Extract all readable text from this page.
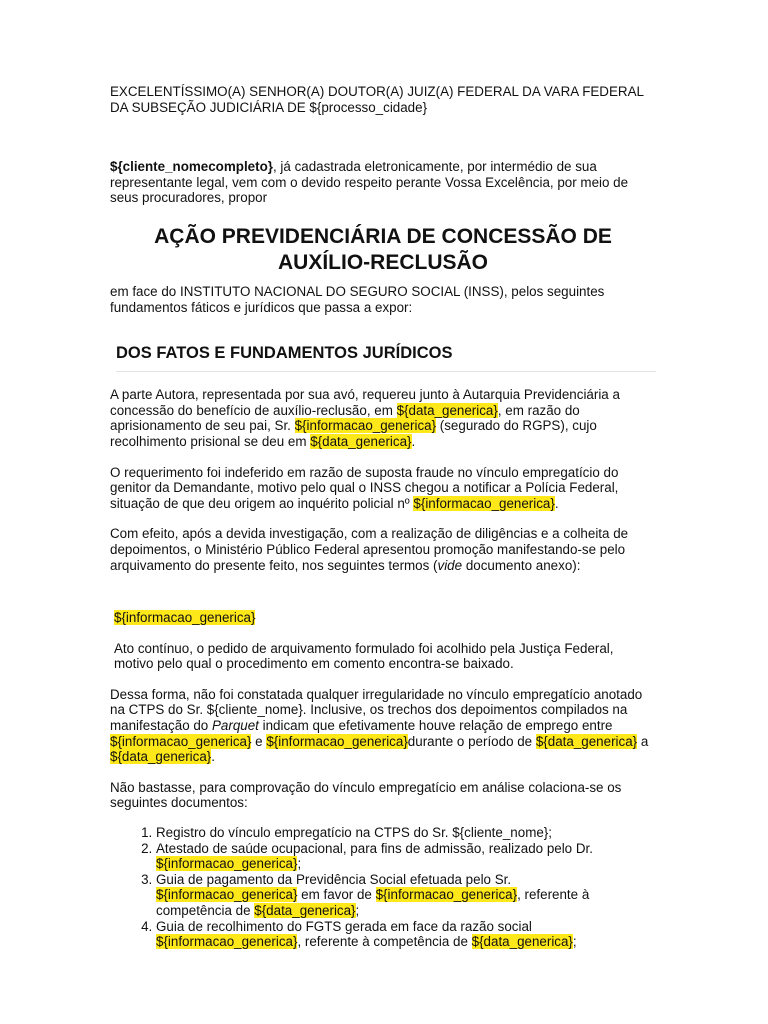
EXCELENTÍSSIMO(A) SENHOR(A) DOUTOR(A) JUIZ(A) FEDERAL DA VARA FEDERAL

DA SUBSEÇÃO JUDICIÁRIA DE ${processo_cidade}

${cliente_nomecompleto}, já cadastrada eletronicamente, por intermédio de sua representante legal, vem com o devido respeito perante Vossa Excelência, por meio de seus procuradores, propor

AÇÃO PREVIDENCIÁRIA DE CONCESSÃO DE
AUXÍLIO-RECLUSÃO

em face do INSTITUTO NACIONAL DO SEGURO SOCIAL (INSS), pelos seguintes fundamentos fáticos e jurídicos que passa a expor:

DOS FATOS E FUNDAMENTOS JURÍDICOS

A parte Autora, representada por sua avó, requereu junto à Autarquia Previdenciária a concessão do benefício de auxílio-reclusão, em ${data_generica}, em razão do aprisionamento de seu pai, Sr. ${informacao_generica} (segurado do RGPS), cujo recolhimento prisional se deu em ${data_generica}.

O requerimento foi indeferido em razão de suposta fraude no vínculo empregatício do genitor da Demandante, motivo pelo qual o INSS chegou a notificar a Polícia Federal, situação de que deu origem ao inquérito policial nº ${informacao_generica}.

Com efeito, após a devida investigação, com a realização de diligências e a colheita de depoimentos, o Ministério Público Federal apresentou promoção manifestando-se pelo arquivamento do presente feito, nos seguintes termos (vide documento anexo):

${informacao_generica}

Ato contínuo, o pedido de arquivamento formulado foi acolhido pela Justiça Federal, motivo pelo qual o procedimento em comento encontra-se baixado.

Dessa forma, não foi constatada qualquer irregularidade no vínculo empregatício anotado na CTPS do Sr. ${cliente_nome}. Inclusive, os trechos dos depoimentos compilados na manifestação do Parquet indicam que efetivamente houve relação de emprego entre ${informacao_generica} e ${informacao_generica}durante o período de ${data_generica} a ${data_generica}.

Não bastasse, para comprovação do vínculo empregatício em análise colaciona-se os seguintes documentos:

1. Registro do vínculo empregatício na CTPS do Sr. ${cliente_nome};
2. Atestado de saúde ocupacional, para fins de admissão, realizado pelo Dr. ${informacao_generica};
3. Guia de pagamento da Previdência Social efetuada pelo Sr. ${informacao_generica} em favor de ${informacao_generica}, referente à competência de ${data_generica};
4. Guia de recolhimento do FGTS gerada em face da razão social ${informacao_generica}, referente à competência de ${data_generica};
